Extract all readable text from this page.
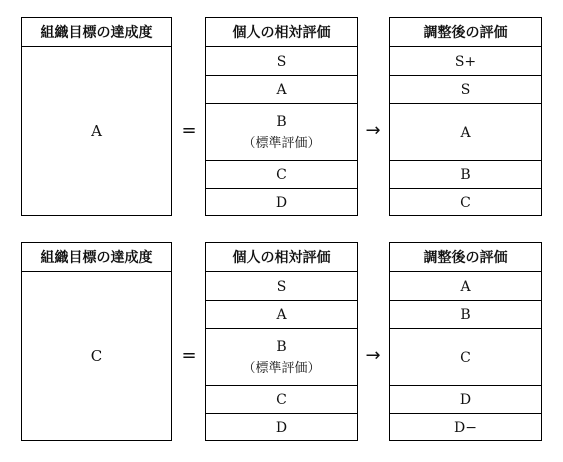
組織目標の達成度
A	=
個人の相対評価
S
A
B
（標準評価）
C
D
→
調整後の評価
S+
S
A
B
C
組織目標の達成度
C	=
個人の相対評価
S
A
B
（標準評価）
C
D
→
調整後の評価
A
B
C
D
D−
